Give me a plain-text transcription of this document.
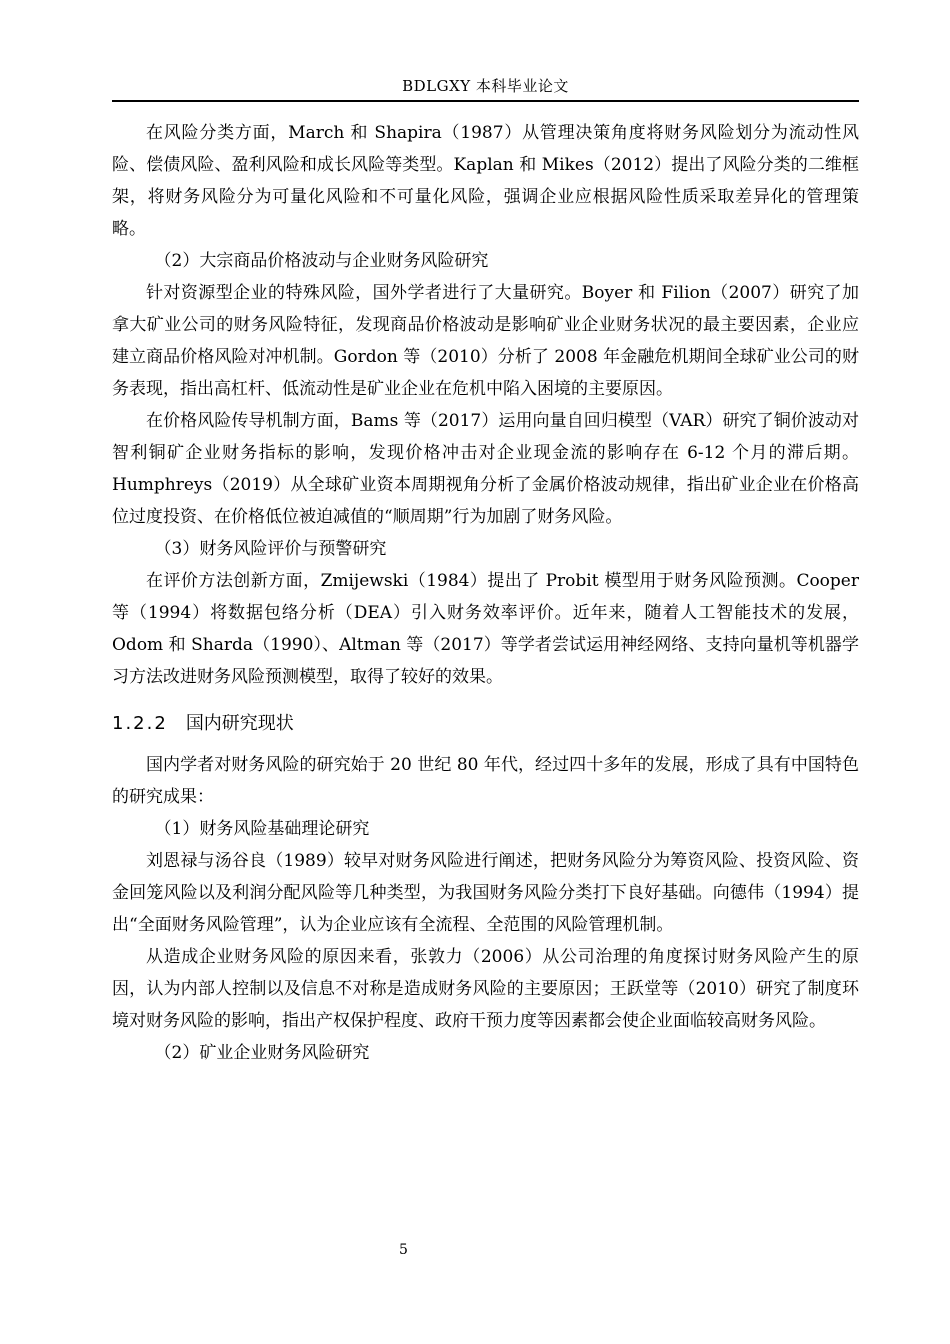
BDLGXY 本科毕业论文

在风险分类方面，March 和 Shapira（1987）从管理决策角度将财务风险划分为流动性风险、偿债风险、盈利风险和成长风险等类型。Kaplan 和 Mikes（2012）提出了风险分类的二维框架，将财务风险分为可量化风险和不可量化风险，强调企业应根据风险性质采取差异化的管理策略。

（2）大宗商品价格波动与企业财务风险研究

针对资源型企业的特殊风险，国外学者进行了大量研究。Boyer 和 Filion（2007）研究了加拿大矿业公司的财务风险特征，发现商品价格波动是影响矿业企业财务状况的最主要因素，企业应建立商品价格风险对冲机制。Gordon 等（2010）分析了 2008 年金融危机期间全球矿业公司的财务表现，指出高杠杆、低流动性是矿业企业在危机中陷入困境的主要原因。

在价格风险传导机制方面，Bams 等（2017）运用向量自回归模型（VAR）研究了铜价波动对智利铜矿企业财务指标的影响，发现价格冲击对企业现金流的影响存在 6-12 个月的滞后期。Humphreys（2019）从全球矿业资本周期视角分析了金属价格波动规律，指出矿业企业在价格高位过度投资、在价格低位被迫减值的“顺周期”行为加剧了财务风险。

（3）财务风险评价与预警研究

在评价方法创新方面，Zmijewski（1984）提出了 Probit 模型用于财务风险预测。Cooper 等（1994）将数据包络分析（DEA）引入财务效率评价。近年来，随着人工智能技术的发展，Odom 和 Sharda（1990）、Altman 等（2017）等学者尝试运用神经网络、支持向量机等机器学习方法改进财务风险预测模型，取得了较好的效果。

1.2.2 国内研究现状

国内学者对财务风险的研究始于 20 世纪 80 年代，经过四十多年的发展，形成了具有中国特色的研究成果：

（1）财务风险基础理论研究

刘恩禄与汤谷良（1989）较早对财务风险进行阐述，把财务风险分为筹资风险、投资风险、资金回笼风险以及利润分配风险等几种类型，为我国财务风险分类打下良好基础。向德伟（1994）提出“全面财务风险管理”，认为企业应该有全流程、全范围的风险管理机制。

从造成企业财务风险的原因来看，张敦力（2006）从公司治理的角度探讨财务风险产生的原因，认为内部人控制以及信息不对称是造成财务风险的主要原因；王跃堂等（2010）研究了制度环境对财务风险的影响，指出产权保护程度、政府干预力度等因素都会使企业面临较高财务风险。

（2）矿业企业财务风险研究

5
